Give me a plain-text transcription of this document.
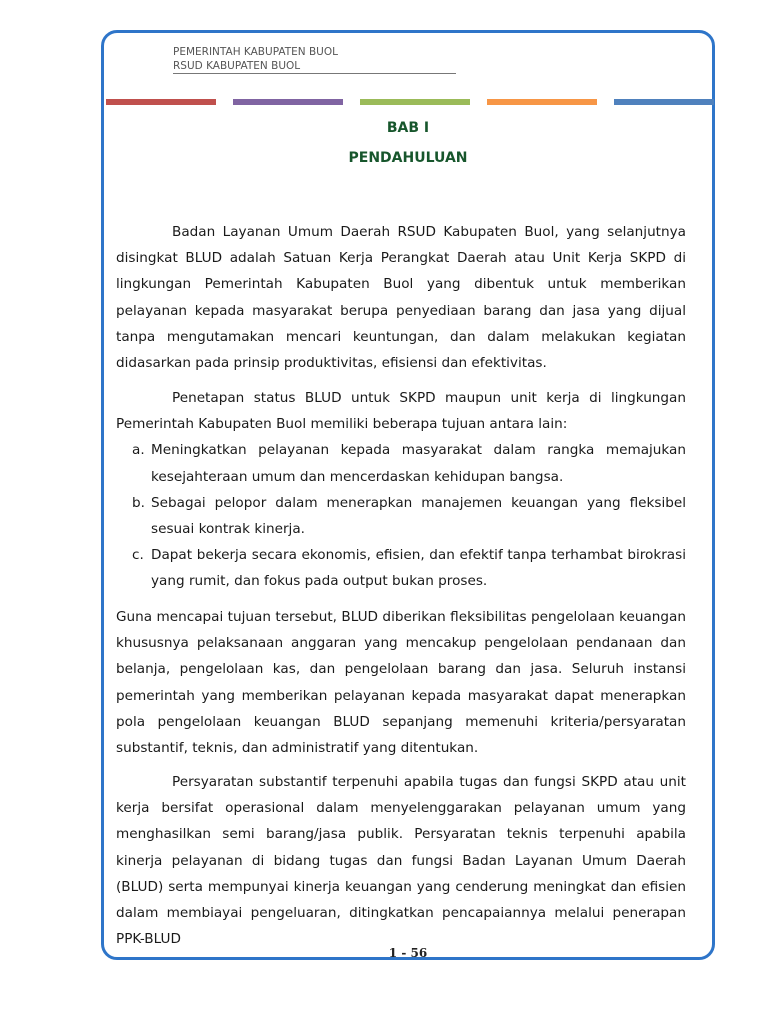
PEMERINTAH KABUPATEN BUOL
RSUD KABUPATEN BUOL
BAB I
PENDAHULUAN

Badan Layanan Umum Daerah RSUD Kabupaten Buol, yang selanjutnya disingkat BLUD adalah Satuan Kerja Perangkat Daerah atau Unit Kerja SKPD di lingkungan Pemerintah Kabupaten Buol yang dibentuk untuk memberikan pelayanan kepada masyarakat berupa penyediaan barang dan jasa yang dijual tanpa mengutamakan mencari keuntungan, dan dalam melakukan kegiatan didasarkan pada prinsip produktivitas, efisiensi dan efektivitas.

Penetapan status BLUD untuk SKPD maupun unit kerja di lingkungan Pemerintah Kabupaten Buol memiliki beberapa tujuan antara lain:

a. Meningkatkan pelayanan kepada masyarakat dalam rangka memajukan kesejahteraan umum dan mencerdaskan kehidupan bangsa.
b. Sebagai pelopor dalam menerapkan manajemen keuangan yang fleksibel sesuai kontrak kinerja.
c. Dapat bekerja secara ekonomis, efisien, dan efektif tanpa terhambat birokrasi yang rumit, dan fokus pada output bukan proses.

Guna mencapai tujuan tersebut, BLUD diberikan fleksibilitas pengelolaan keuangan khususnya pelaksanaan anggaran yang mencakup pengelolaan pendanaan dan belanja, pengelolaan kas, dan pengelolaan barang dan jasa. Seluruh instansi pemerintah yang memberikan pelayanan kepada masyarakat dapat menerapkan pola pengelolaan keuangan BLUD sepanjang memenuhi kriteria/persyaratan substantif, teknis, dan administratif yang ditentukan.

Persyaratan substantif terpenuhi apabila tugas dan fungsi SKPD atau unit kerja bersifat operasional dalam menyelenggarakan pelayanan umum yang menghasilkan semi barang/jasa publik. Persyaratan teknis terpenuhi apabila kinerja pelayanan di bidang tugas dan fungsi Badan Layanan Umum Daerah (BLUD) serta mempunyai kinerja keuangan yang cenderung meningkat dan efisien dalam membiayai pengeluaran, ditingkatkan pencapaiannya melalui penerapan PPK-BLUD

1 - 56
